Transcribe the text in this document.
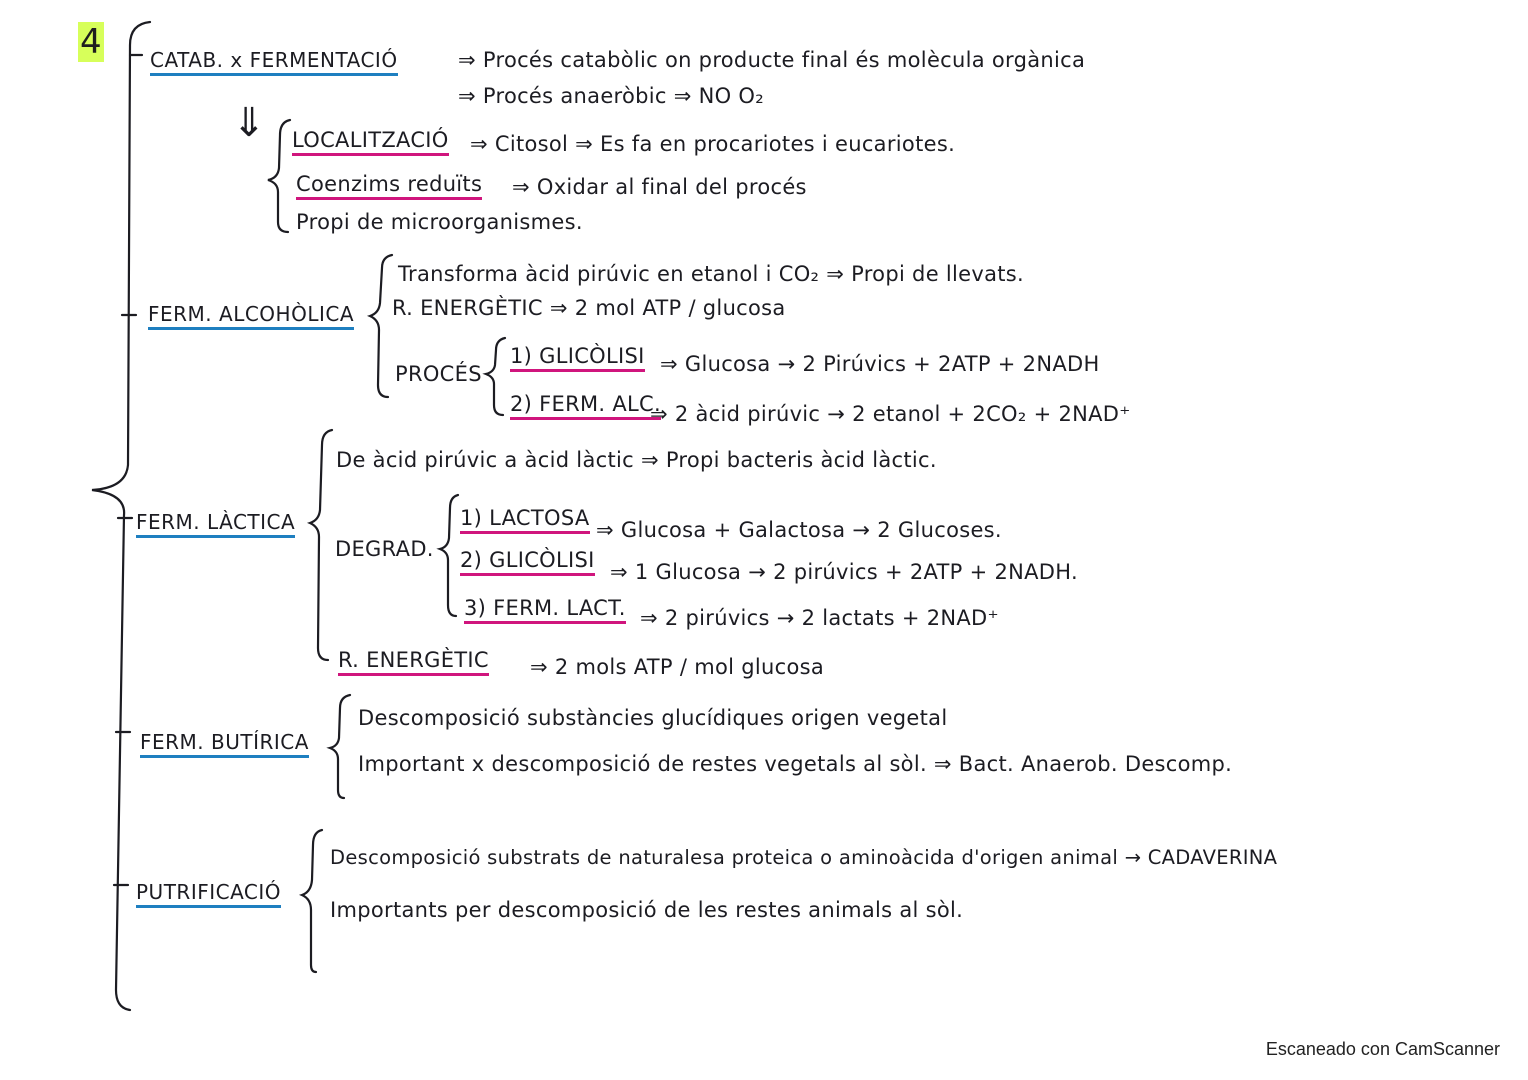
4 CATAB. x FERMENTACIÓ	⇒ Procés catabòlic on producte final és molècula orgànica
⇒ Procés anaeròbic ⇒ NO O₂
⇓ LOCALITZACIÓ ⇒ Citosol ⇒ Es fa en procariotes i eucariotes.
Coenzims reduïts ⇒ Oxidar al final del procés
Propi de microorganismes.
FERM. ALCOHÒLICA
Transforma àcid pirúvic en etanol i CO₂ ⇒ Propi de llevats.
R. ENERGÈTIC ⇒ 2 mol ATP / glucosa
PROCÉS
1) GLICÒLISI ⇒ Glucosa → 2 Pirúvics + 2ATP + 2NADH
2) FERM. ALC.
⇒ 2 àcid pirúvic → 2 etanol + 2CO₂ + 2NAD⁺
FERM. LÀCTICA
De àcid pirúvic a àcid làctic ⇒ Propi bacteris àcid làctic.
DEGRAD.
1) LACTOSA ⇒ Glucosa + Galactosa → 2 Glucoses.
2) GLICÒLISI ⇒ 1 Glucosa → 2 pirúvics + 2ATP + 2NADH.
3) FERM. LACT. ⇒ 2 pirúvics → 2 lactats + 2NAD⁺
R. ENERGÈTIC ⇒ 2 mols ATP / mol glucosa
FERM. BUTÍRICA
Descomposició substàncies glucídiques origen vegetal
Important x descomposició de restes vegetals al sòl. ⇒ Bact. Anaerob. Descomp.
PUTRIFICACIÓ
Descomposició substrats de naturalesa proteica o aminoàcida d'origen animal → CADAVERINA
Importants per descomposició de les restes animals al sòl.
Escaneado con CamScanner
